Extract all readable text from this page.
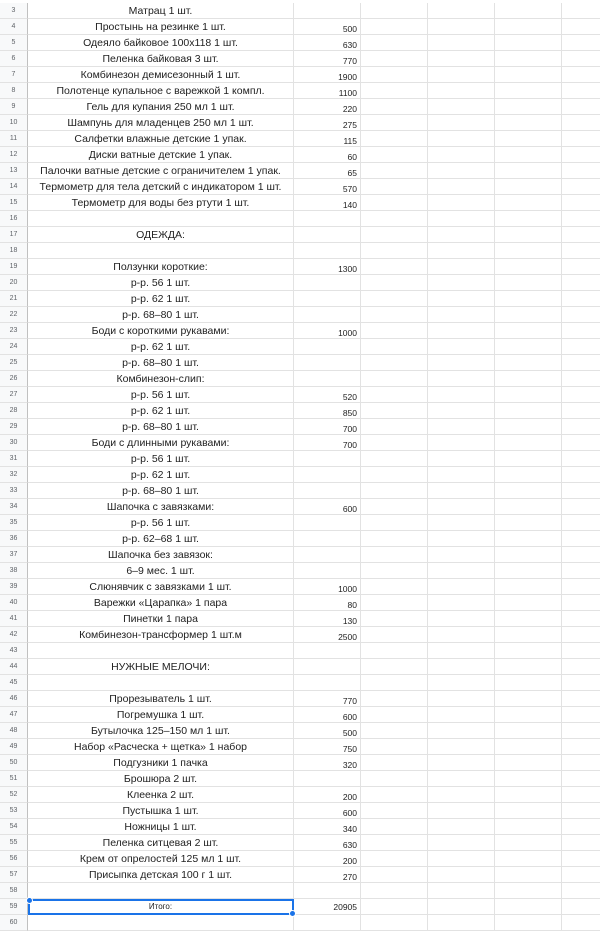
3	Матрац 1 шт.
4	Простынь на резинке 1 шт.	500
5	Одеяло байковое 100х118 1 шт.	630
6	Пеленка байковая 3 шт.	770
7	Комбинезон демисезонный 1 шт.	1900
8	Полотенце купальное с варежкой 1 компл.	1100
9	Гель для купания 250 мл 1 шт.	220
10	Шампунь для младенцев 250 мл 1 шт.	275
11	Салфетки влажные детские 1 упак.	115
12	Диски ватные детские 1 упак.	60
13	Палочки ватные детские с ограничителем 1 упак.	65
14	Термометр для тела детский с индикатором 1 шт.	570
15	Термометр для воды без ртути 1 шт.	140
16
17	ОДЕЖДА:
18
19	Ползунки короткие:	1300
20	р-р. 56 1 шт.
21	р-р. 62 1 шт.
22	р-р. 68–80 1 шт.
23	Боди с короткими рукавами:	1000
24	р-р. 62 1 шт.
25	р-р. 68–80 1 шт.
26	Комбинезон-слип:
27	р-р. 56 1 шт.	520
28	р-р. 62 1 шт.	850
29	р-р. 68–80 1 шт.	700
30	Боди с длинными рукавами:	700
31	р-р. 56 1 шт.
32	р-р. 62 1 шт.
33	р-р. 68–80 1 шт.
34	Шапочка с завязками:	600
35	р-р. 56 1 шт.
36	р-р. 62–68 1 шт.
37	Шапочка без завязок:
38	6–9 мес. 1 шт.
39	Слюнявчик с завязками 1 шт.	1000
40	Варежки «Царапка» 1 пара	80
41	Пинетки 1 пара	130
42	Комбинезон-трансформер 1 шт.м	2500
43
44	НУЖНЫЕ МЕЛОЧИ:
45
46	Прорезыватель 1 шт.	770
47	Погремушка 1 шт.	600
48	Бутылочка 125–150 мл 1 шт.	500
49	Набор «Расческа + щетка» 1 набор	750
50	Подгузники 1 пачка	320
51	Брошюра 2 шт.
52	Клеенка 2 шт.	200
53	Пустышка 1 шт.	600
54	Ножницы 1 шт.	340
55	Пеленка ситцевая 2 шт.	630
56	Крем от опрелостей 125 мл 1 шт.	200
57	Присыпка детская 100 г 1 шт.	270
58
59	Итого:	20905
60
